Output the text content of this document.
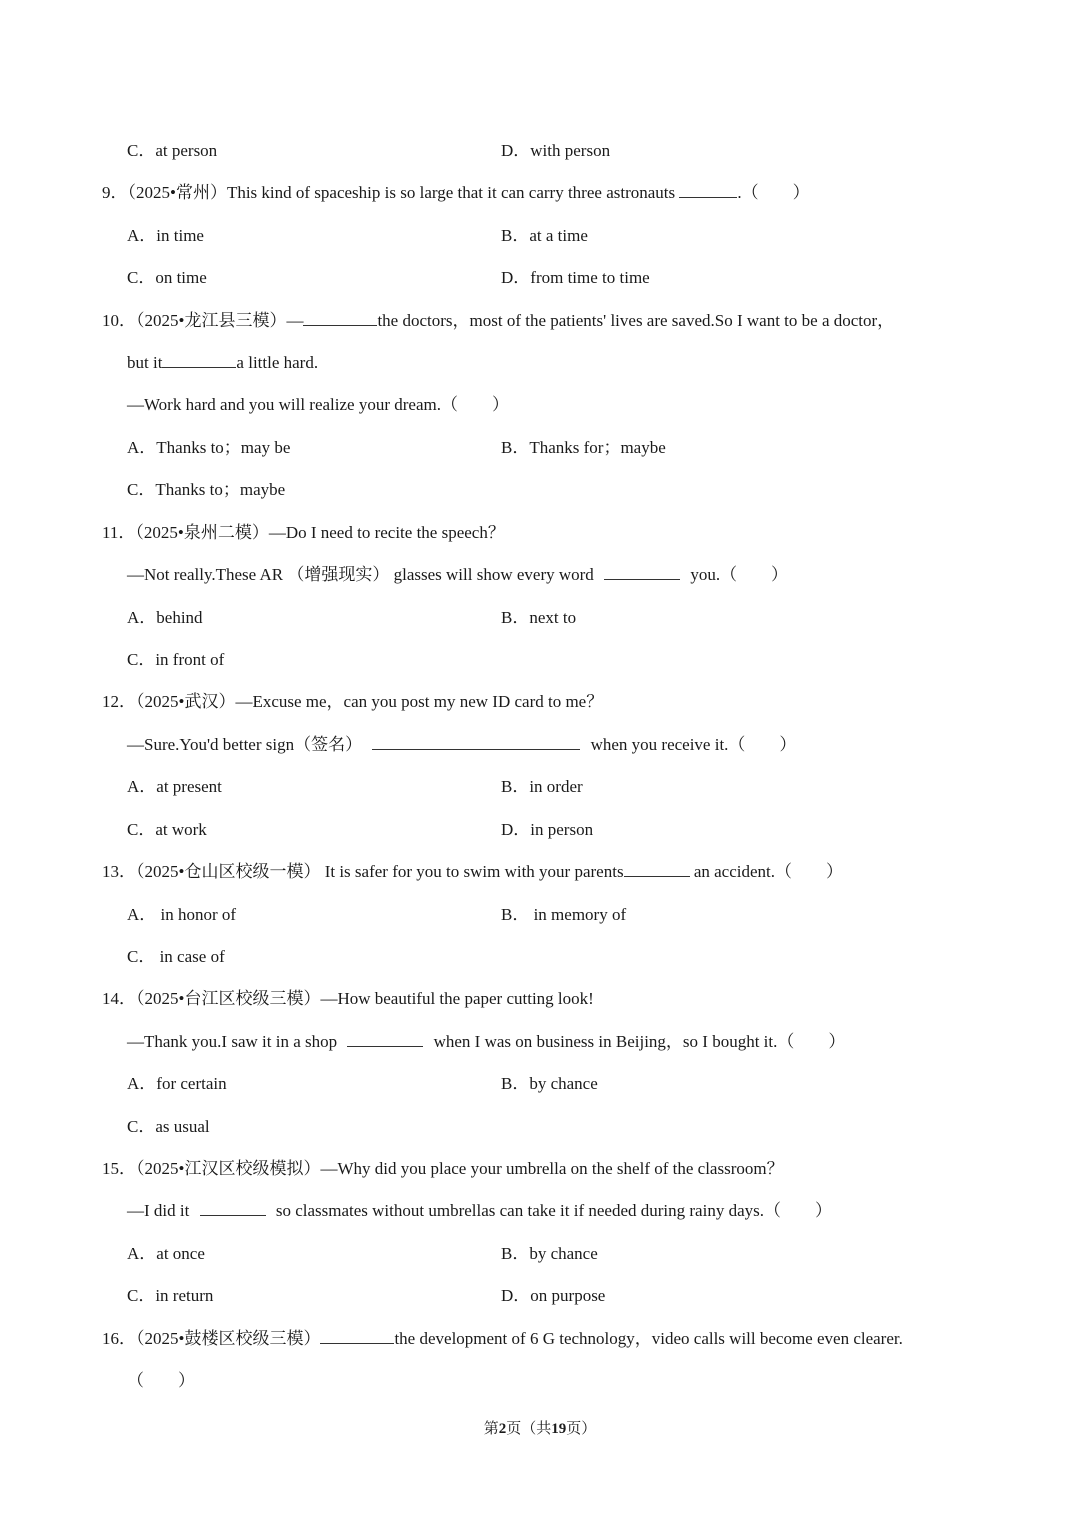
C．at person	D．with person
9．（2025•常州）This kind of spaceship is so large that it can carry three astronauts	.（　　）
A．in time	B．at a time
C．on time	D．from time to time
10．（2025•龙江县三模）—	the doctors，most of the patients' lives are saved.So I want to be a doctor，
but it	a little hard.
—Work hard and you will realize your dream.（　　）
A．Thanks to；may be	B．Thanks for；maybe
C．Thanks to；maybe
11．（2025•泉州二模）—Do I need to recite the speech？
—Not really.These AR （增强现实） glasses will show every word	you.（　　）
A．behind	B．next to
C．in front of
12．（2025•武汉）—Excuse me，can you post my new ID card to me？
—Sure.You'd better sign（签名）	when you receive it.（　　）
A．at present	B．in order
C．at work	D．in person
13．（2025•仓山区校级一模） It is safer for you to swim with your parents	an accident.（　　）
A． in honor of	B． in memory of
C． in case of
14．（2025•台江区校级三模）—How beautiful the paper cutting look!
—Thank you.I saw it in a shop	when I was on business in Beijing，so I bought it.（　　）
A．for certain	B．by chance
C．as usual
15．（2025•江汉区校级模拟）—Why did you place your umbrella on the shelf of the classroom？
—I did it	so classmates without umbrellas can take it if needed during rainy days.（　　）
A．at once	B．by chance
C．in return	D．on purpose
16．（2025•鼓楼区校级三模）	the development of 6 G technology，video calls will become even clearer.
（　　）
第2页（共19页）
